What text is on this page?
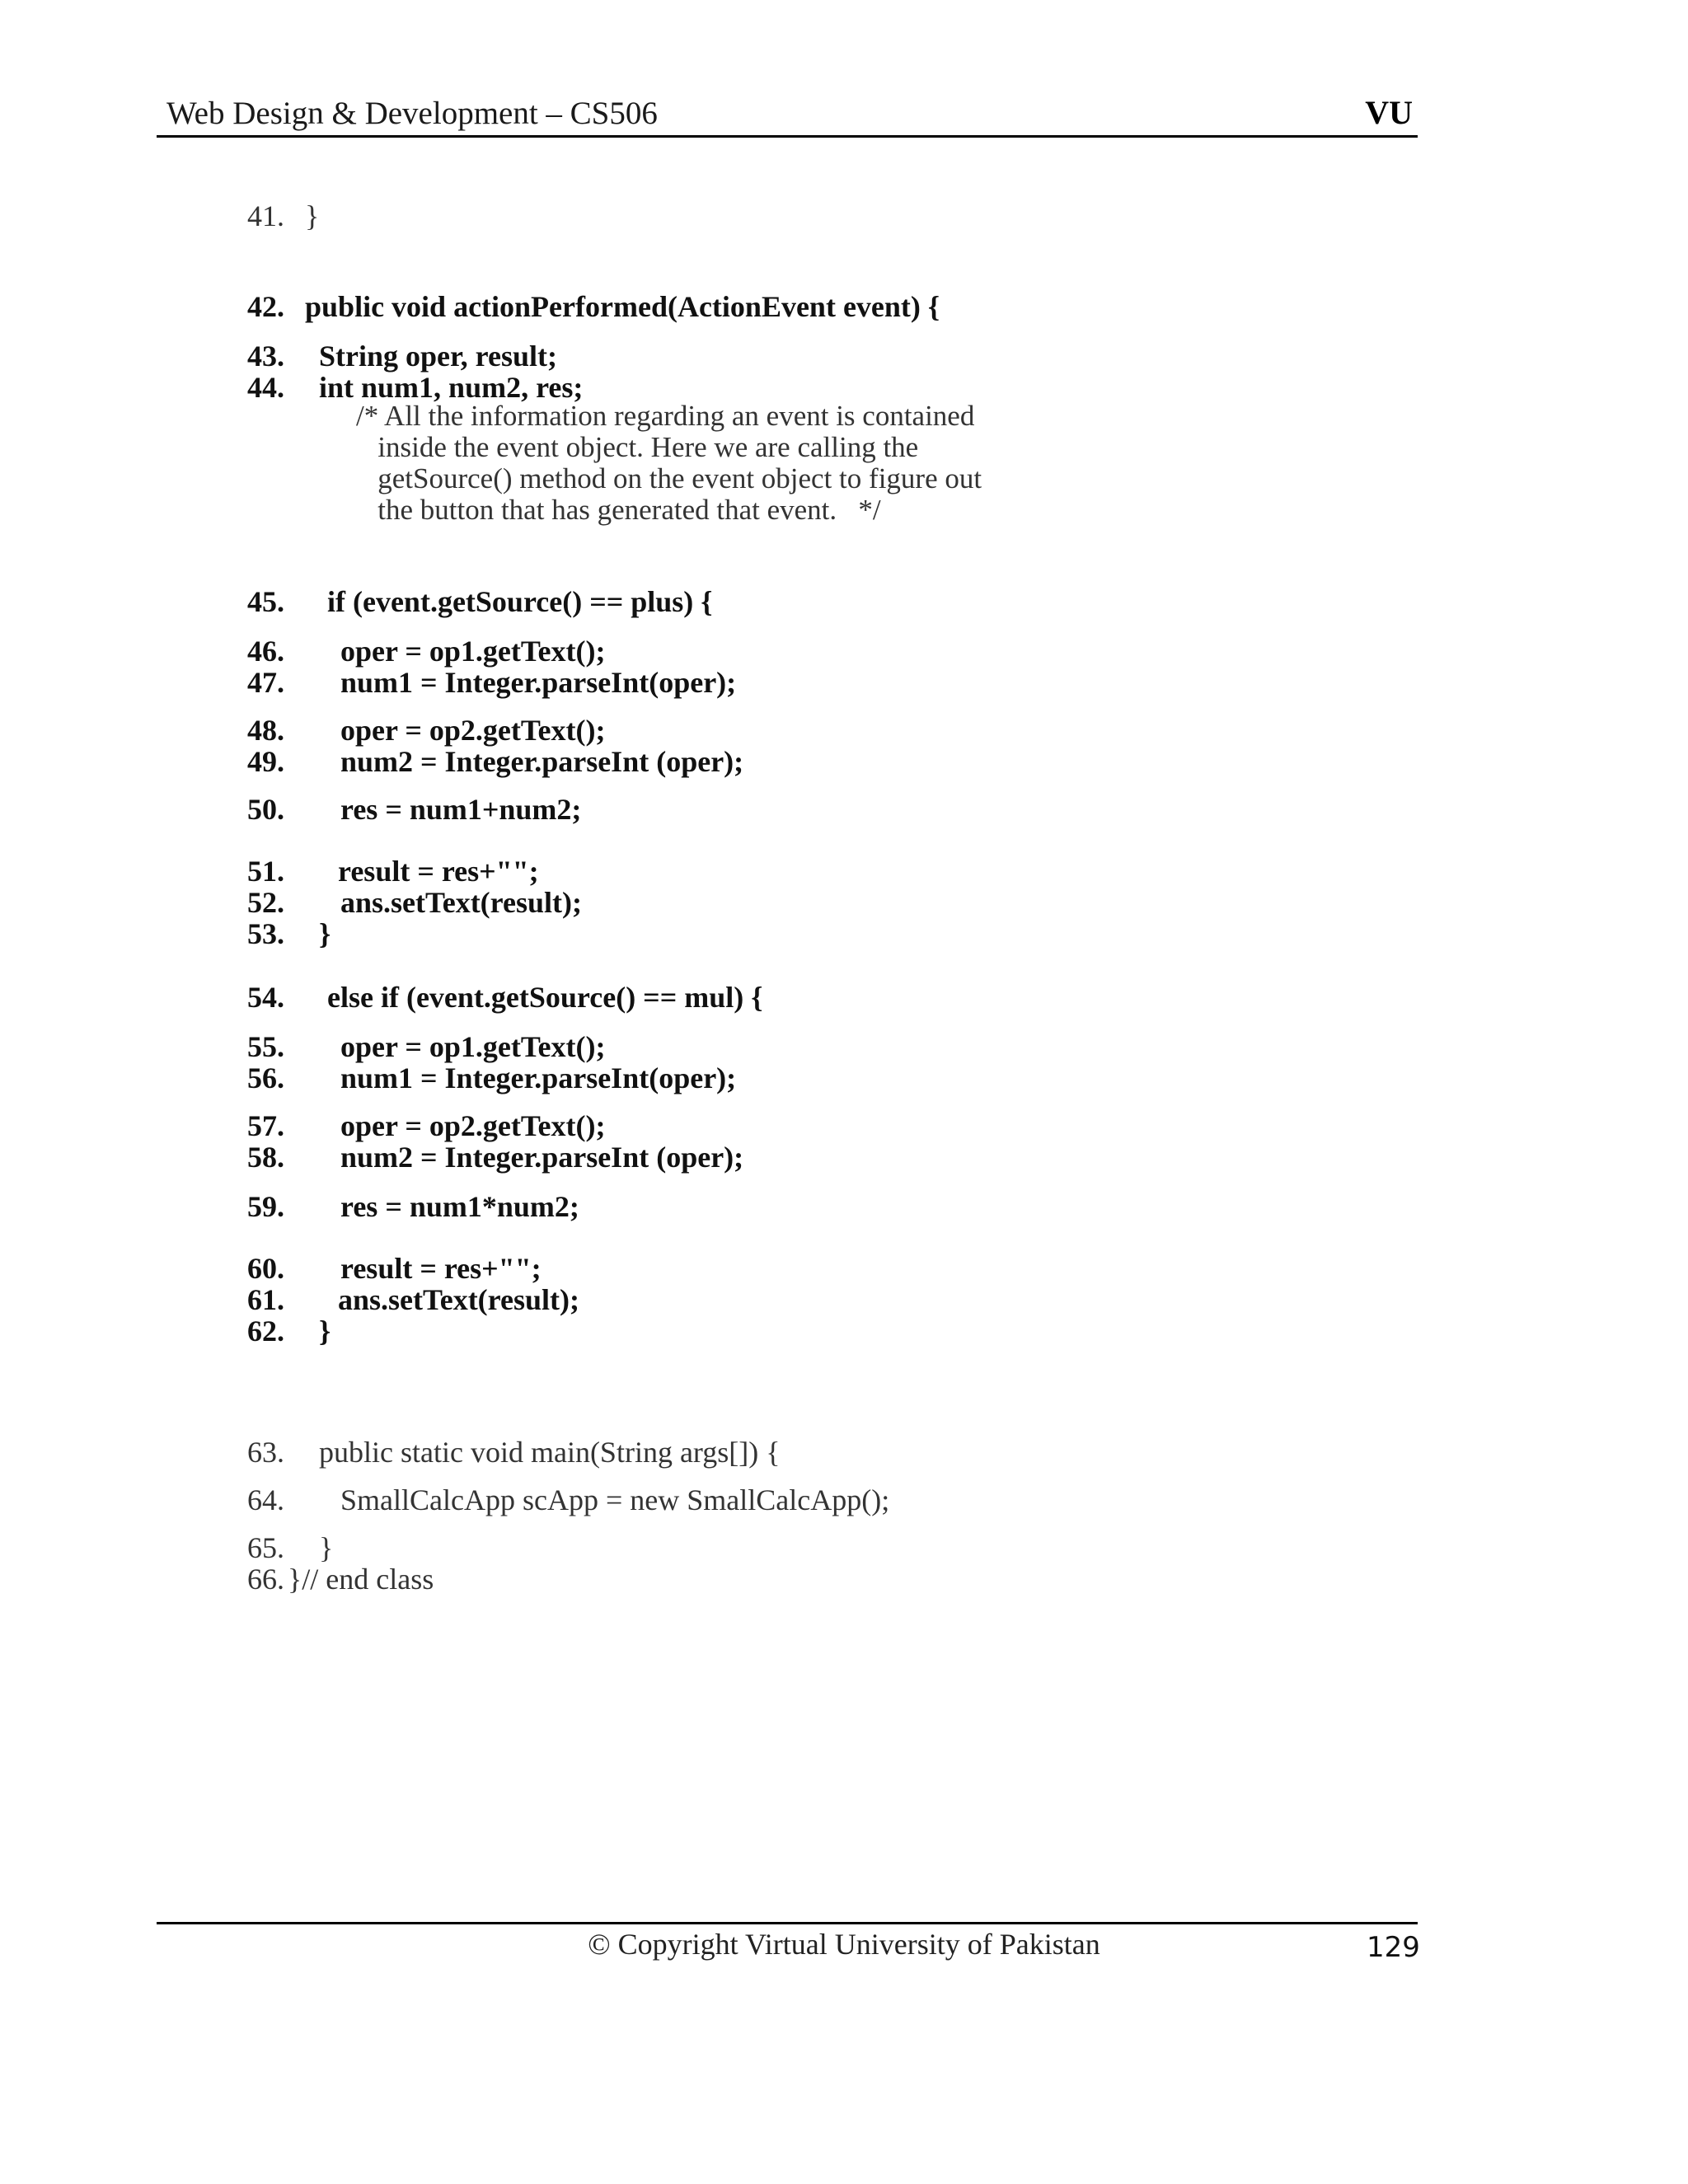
Web Design & Development – CS506	VU

41. }

42. public void actionPerformed(ActionEvent event) {

43. String oper, result;

44. int num1, num2, res;

/* All the information regarding an event is contained
inside the event object. Here we are calling the
getSource() method on the event object to figure out
the button that has generated that event.   */

45. if (event.getSource() == plus) {

46. oper = op1.getText();

47. num1 = Integer.parseInt(oper);

48. oper = op2.getText();

49. num2 = Integer.parseInt (oper);

50. res = num1+num2;

51. result = res+"";

52. ans.setText(result);

53. }

54. else if (event.getSource() == mul) {

55. oper = op1.getText();

56. num1 = Integer.parseInt(oper);

57. oper = op2.getText();

58. num2 = Integer.parseInt (oper);

59. res = num1*num2;

60. result = res+"";

61. ans.setText(result);

62. }

63. public static void main(String args[]) {

64. SmallCalcApp scApp = new SmallCalcApp();

65. }

66. }// end class

© Copyright Virtual University of Pakistan	129
